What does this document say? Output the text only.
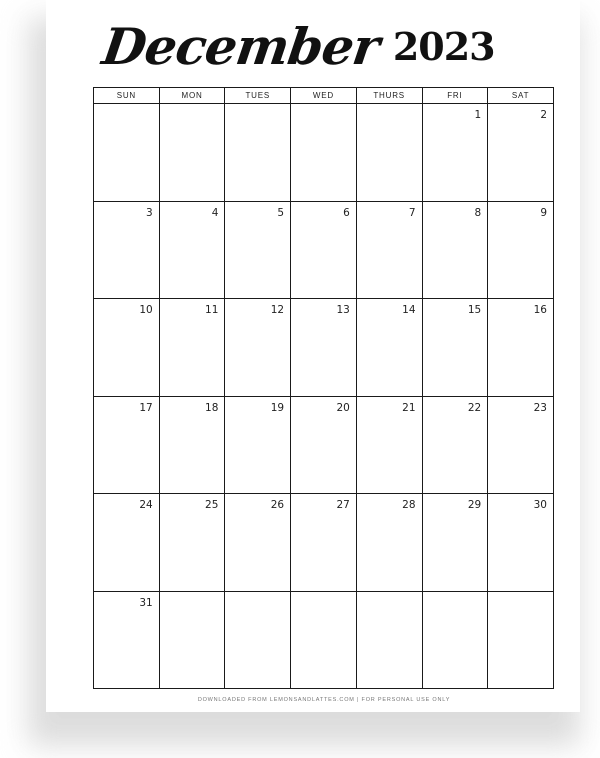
December 2023
SUN	MON	TUES	WED	THURS	FRI	SAT

					1	2

3	4	5	6	7	8	9

10	11	12	13	14	15	16

17	18	19	20	21	22	23

24	25	26	27	28	29	30

31						

DOWNLOADED FROM LEMONSANDLATTES.COM | FOR PERSONAL USE ONLY
